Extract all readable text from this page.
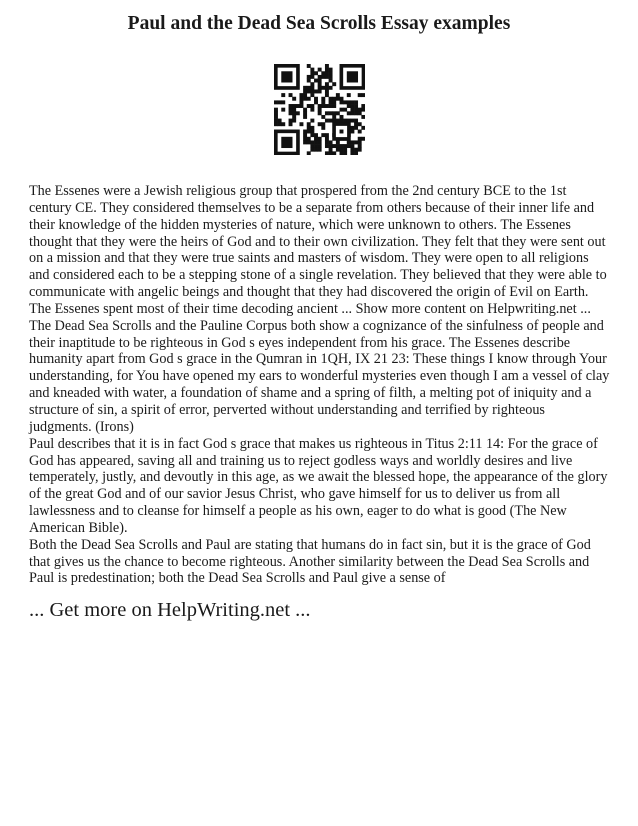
Paul and the Dead Sea Scrolls Essay examples

The Essenes were a Jewish religious group that prospered from the 2nd century BCE to the 1st century CE. They considered themselves to be a separate from others because of their inner life and their knowledge of the hidden mysteries of nature, which were unknown to others. The Essenes thought that they were the heirs of God and to their own civilization. They felt that they were sent out on a mission and that they were true saints and masters of wisdom. They were open to all religions and considered each to be a stepping stone of a single revelation. They believed that they were able to communicate with angelic beings and thought that they had discovered the origin of Evil on Earth. The Essenes spent most of their time decoding ancient ... Show more content on Helpwriting.net ...

The Dead Sea Scrolls and the Pauline Corpus both show a cognizance of the sinfulness of people and their inaptitude to be righteous in God s eyes independent from his grace. The Essenes describe humanity apart from God s grace in the Qumran in 1QH, IX 21 23: These things I know through Your understanding, for You have opened my ears to wonderful mysteries even though I am a vessel of clay and kneaded with water, a foundation of shame and a spring of filth, a melting pot of iniquity and a structure of sin, a spirit of error, perverted without understanding and terrified by righteous judgments. (Irons)

Paul describes that it is in fact God s grace that makes us righteous in Titus 2:11 14: For the grace of God has appeared, saving all and training us to reject godless ways and worldly desires and live temperately, justly, and devoutly in this age, as we await the blessed hope, the appearance of the glory of the great God and of our savior Jesus Christ, who gave himself for us to deliver us from all lawlessness and to cleanse for himself a people as his own, eager to do what is good (The New American Bible).

Both the Dead Sea Scrolls and Paul are stating that humans do in fact sin, but it is the grace of God that gives us the chance to become righteous. Another similarity between the Dead Sea Scrolls and Paul is predestination; both the Dead Sea Scrolls and Paul give a sense of

... Get more on HelpWriting.net ...
